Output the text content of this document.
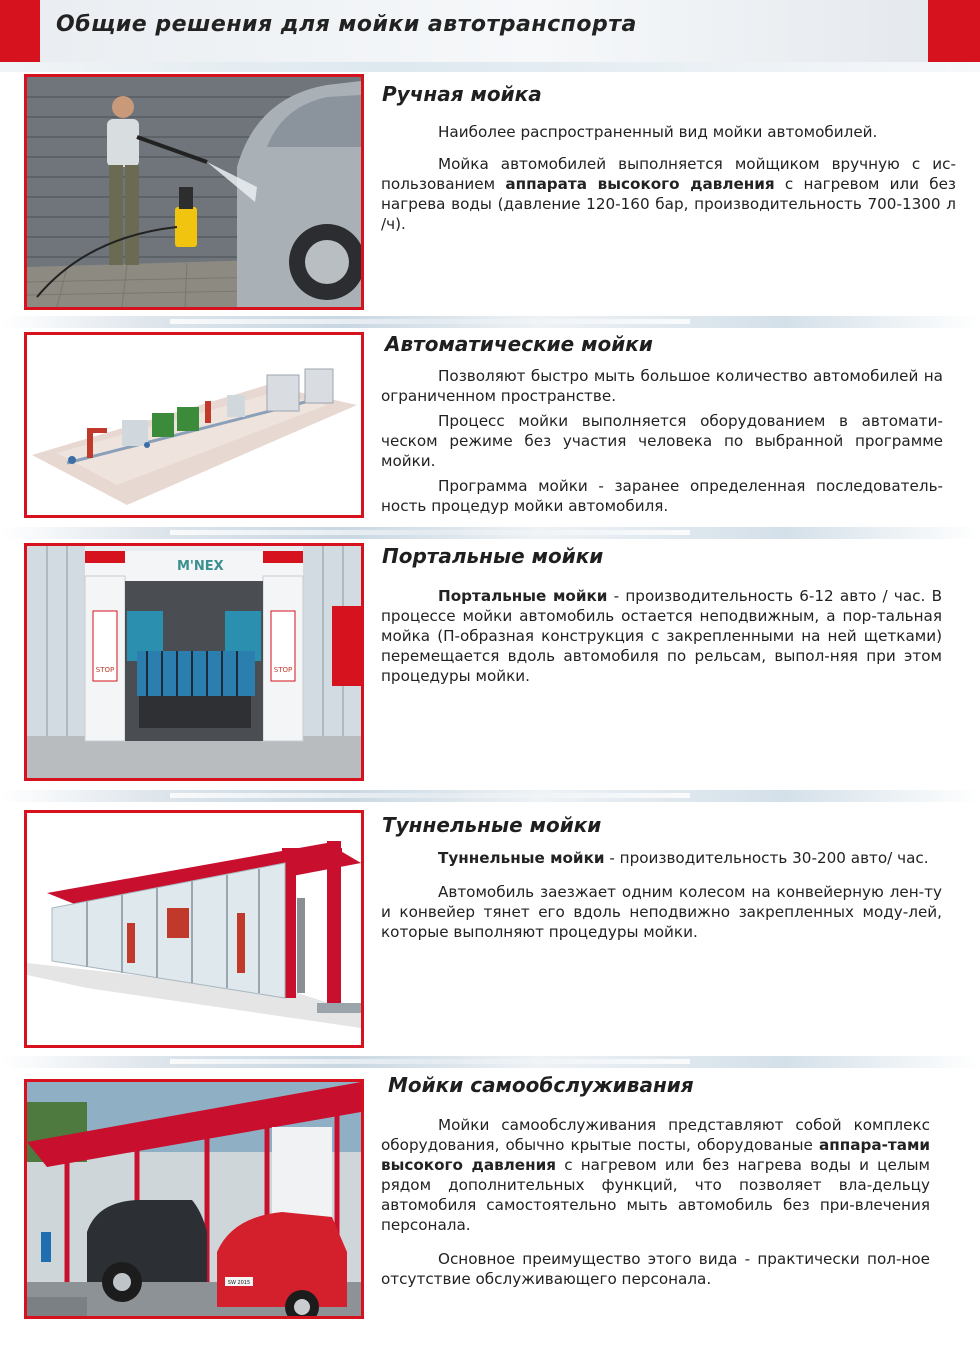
Общие решения для мойки автотранспорта
Ручная мойка

Наиболее распространенный вид мойки автомобилей.

Мойка автомобилей выполняется мойщиком вручную с ис-пользованием аппарата высокого давления с нагревом или без нагрева воды (давление 120-160 бар, производительность 700-1300 л /ч).

Автоматические мойки

Позволяют быстро мыть большое количество автомобилей на ограниченном пространстве.

Процесс мойки выполняется оборудованием в автомати-ческом режиме без участия человека по выбранной программе мойки.

Программа мойки - заранее определенная последователь-ность процедур мойки автомобиля.

STOP	STOP
M'NEX	Портальные мойки

Портальные мойки - производительность 6-12 авто / час. В процессе мойки автомобиль остается неподвижным, а пор-тальная мойка (П-образная конструкция с закрепленными на ней щетками) перемещается вдоль автомобиля по рельсам, выпол-няя при этом процедуры мойки.

Туннельные мойки

Туннельные мойки - производительность 30-200 авто/ час.

Автомобиль заезжает одним колесом на конвейерную лен-ту и конвейер тянет его вдоль неподвижно закрепленных моду-лей, которые выполняют процедуры мойки.

SW 2015
Мойки самообслуживания

Мойки самообслуживания представляют собой комплекс оборудования, обычно крытые посты, оборудованые аппара-тами высокого давления с нагревом или без нагрева воды и целым рядом дополнительных функций, что позволяет вла-дельцу автомобиля самостоятельно мыть автомобиль без при-влечения персонала.

Основное преимущество этого вида - практически пол-ное отсутствие обслуживающего персонала.
